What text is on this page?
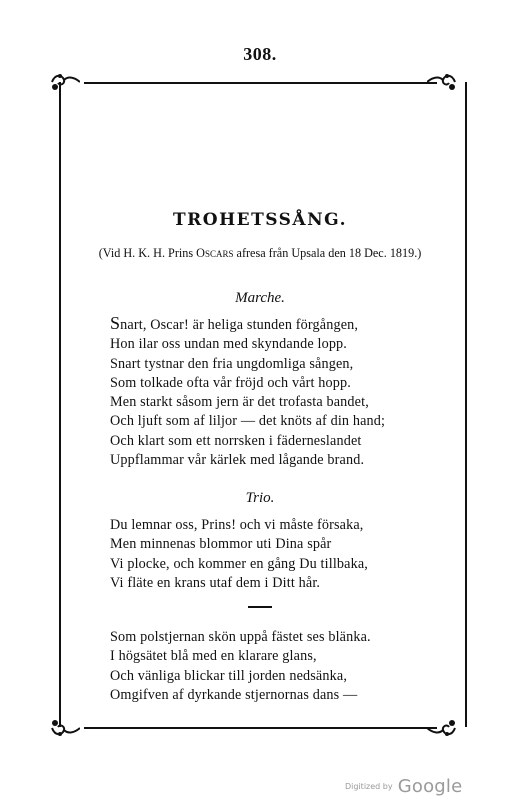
308.
TROHETSSÅNG.
(Vid H. K. H. Prins Oscars afresa från Upsala den 18 Dec. 1819.)
Marche.
Snart, Oscar! är heliga stunden förgången,
Hon ilar oss undan med skyndande lopp.
Snart tystnar den fria ungdomliga sången,
Som tolkade ofta vår fröjd och vårt hopp.
Men starkt såsom jern är det trofasta bandet,
Och ljuft som af liljor — det knöts af din hand;
Och klart som ett norrsken i fäderneslandet
Uppflammar vår kärlek med lågande brand.
Trio.
Du lemnar oss, Prins! och vi måste försaka,
Men minnenas blommor uti Dina spår
Vi plocke, och kommer en gång Du tillbaka,
Vi fläte en krans utaf dem i Ditt hår.
Som polstjernan skön uppå fästet ses blänka.
I högsätet blå med en klarare glans,
Och vänliga blickar till jorden nedsänka,
Omgifven af dyrkande stjernornas dans —
Digitized by Google
